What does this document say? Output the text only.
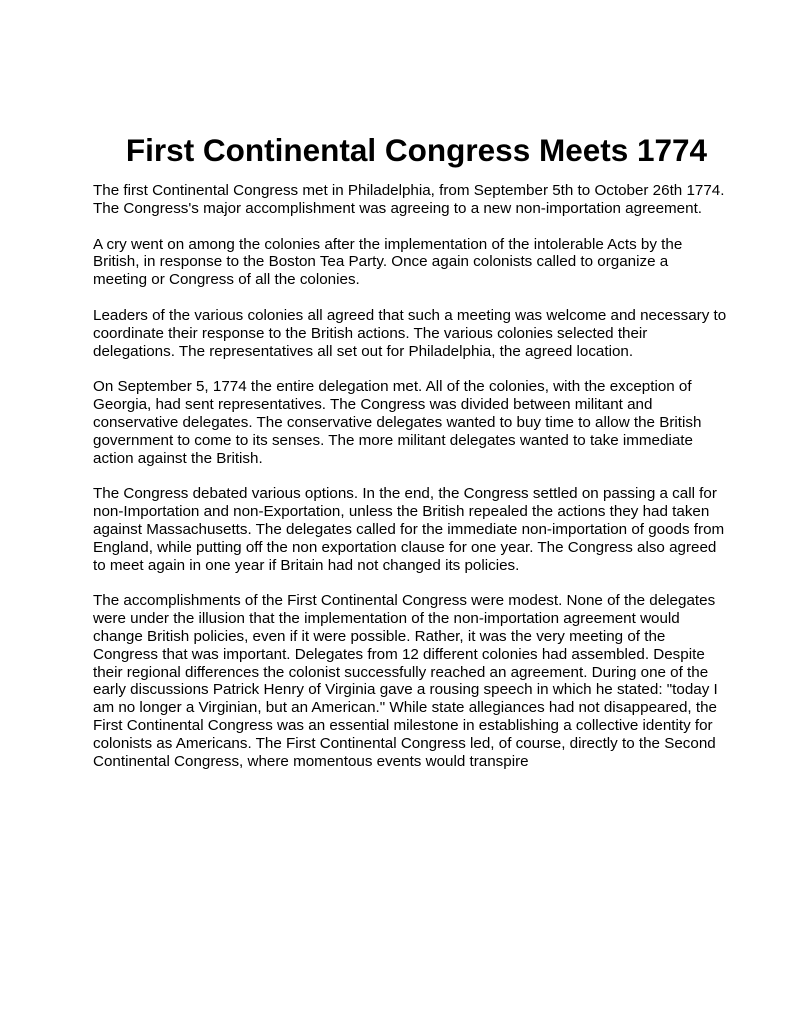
First Continental Congress Meets 1774

The first Continental Congress met in Philadelphia, from September 5th to October 26th 1774.
The Congress's major accomplishment was agreeing to a new non-importation agreement.

A cry went on among the colonies after the implementation of the intolerable Acts by the
British, in response to the Boston Tea Party. Once again colonists called to organize a
meeting or Congress of all the colonies.

Leaders of the various colonies all agreed that such a meeting was welcome and necessary to
coordinate their response to the British actions. The various colonies selected their
delegations. The representatives all set out for Philadelphia, the agreed location.

On September 5, 1774 the entire delegation met. All of the colonies, with the exception of
Georgia, had sent representatives. The Congress was divided between militant and
conservative delegates. The conservative delegates wanted to buy time to allow the British
government to come to its senses. The more militant delegates wanted to take immediate
action against the British.

The Congress debated various options. In the end, the Congress settled on passing a call for
non-Importation and non-Exportation, unless the British repealed the actions they had taken
against Massachusetts. The delegates called for the immediate non-importation of goods from
England, while putting off the non exportation clause for one year. The Congress also agreed
to meet again in one year if Britain had not changed its policies.

The accomplishments of the First Continental Congress were modest. None of the delegates
were under the illusion that the implementation of the non-importation agreement would
change British policies, even if it were possible. Rather, it was the very meeting of the
Congress that was important. Delegates from 12 different colonies had assembled. Despite
their regional differences the colonist successfully reached an agreement. During one of the
early discussions Patrick Henry of Virginia gave a rousing speech in which he stated: "today I
am no longer a Virginian, but an American." While state allegiances had not disappeared, the
First Continental Congress was an essential milestone in establishing a collective identity for
colonists as Americans. The First Continental Congress led, of course, directly to the Second
Continental Congress, where momentous events would transpire
